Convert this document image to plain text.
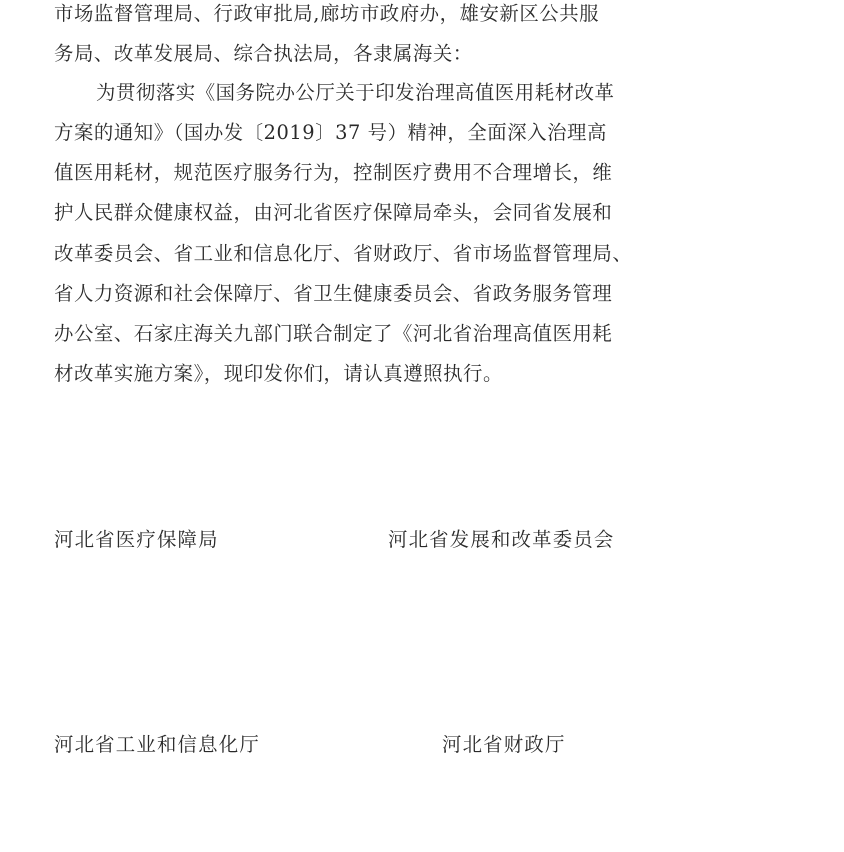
市场监督管理局、行政审批局,廊坊市政府办，雄安新区公共服
务局、改革发展局、综合执法局，各隶属海关：
为贯彻落实《国务院办公厅关于印发治理高值医用耗材改革
方案的通知》（国办发〔2019〕37 号）精神，全面深入治理高
值医用耗材，规范医疗服务行为，控制医疗费用不合理增长，维
护人民群众健康权益，由河北省医疗保障局牵头，会同省发展和
改革委员会、省工业和信息化厅、省财政厅、省市场监督管理局、
省人力资源和社会保障厅、省卫生健康委员会、省政务服务管理
办公室、石家庄海关九部门联合制定了《河北省治理高值医用耗
材改革实施方案》，现印发你们，请认真遵照执行。
河北省医疗保障局	河北省发展和改革委员会
河北省工业和信息化厅	河北省财政厅
